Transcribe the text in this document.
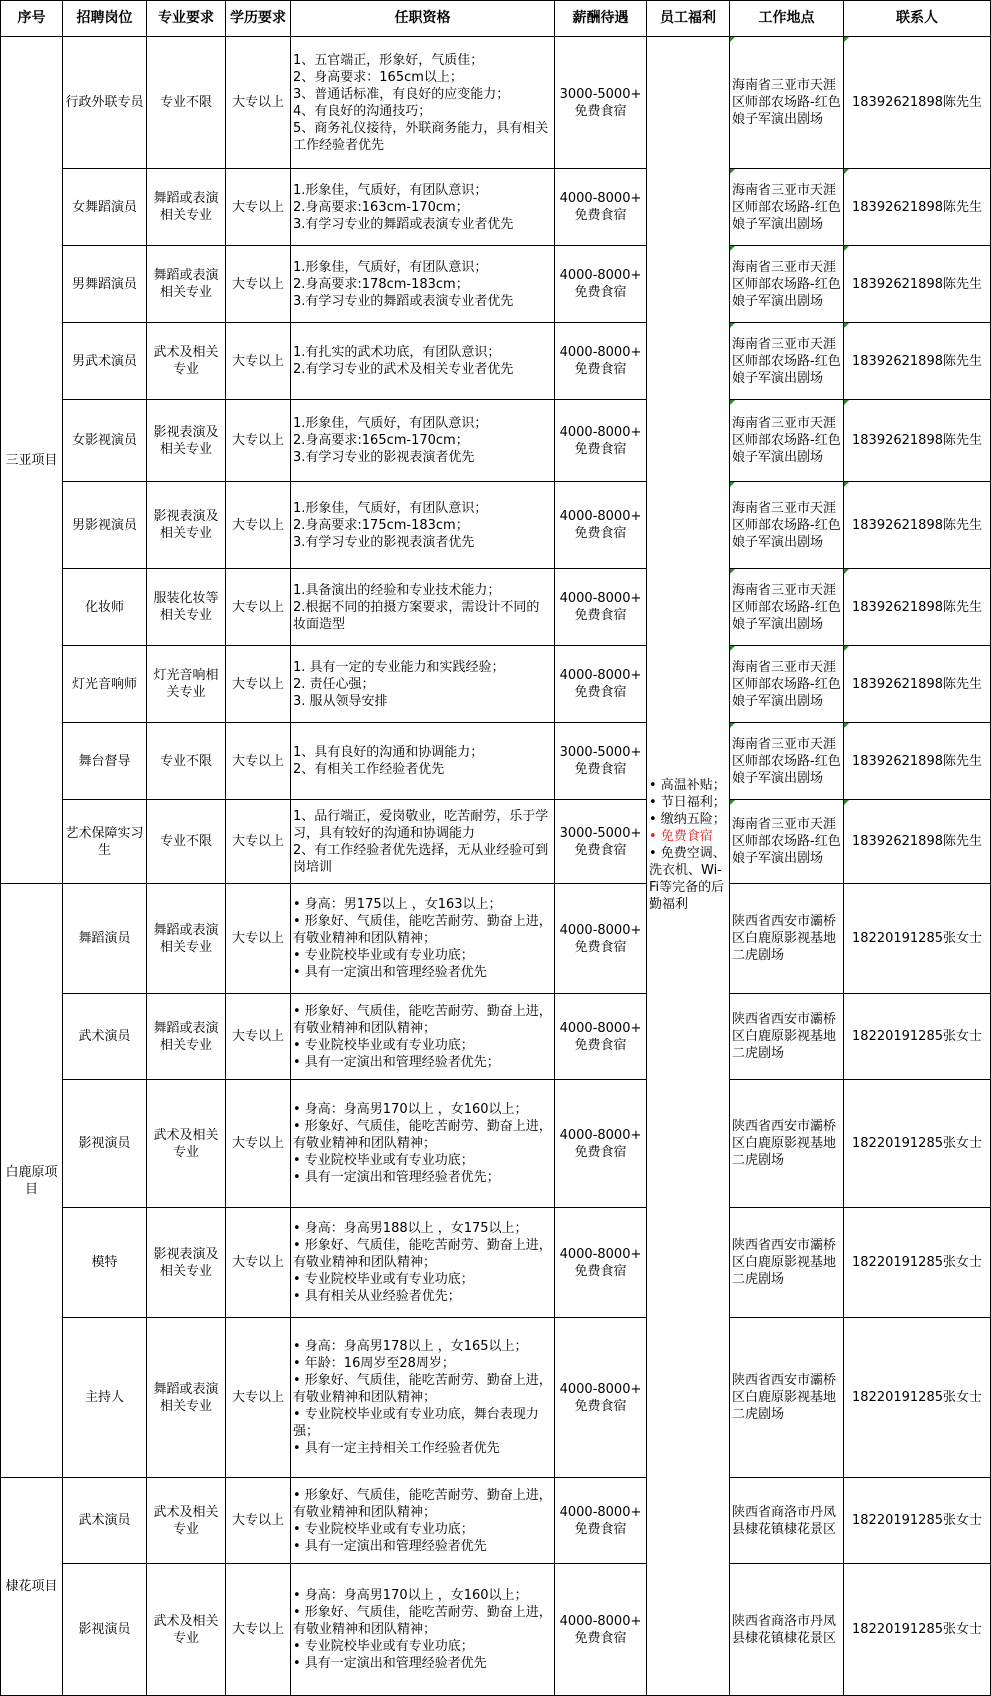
序号	招聘岗位	专业要求	学历要求	任职资格	薪酬待遇	员工福利	工作地点	联系人
三亚项目	行政外联专员	专业不限	大专以上	1、五官端正，形象好，气质佳；
2、身高要求：165cm以上；
3、普通话标准，有良好的应变能力；
4、有良好的沟通技巧；
5、商务礼仪接待，外联商务能力，具有相关工作经验者优先	3000-5000+
免费食宿	• 高温补贴；
• 节日福利；
• 缴纳五险；
• 免费食宿
• 免费空调、洗衣机、Wi-Fi等完备的后勤福利	海南省三亚市天涯区师部农场路-红色娘子军演出剧场	18392621898陈先生
	女舞蹈演员	舞蹈或表演相关专业	大专以上	1.形象佳，气质好，有团队意识；
2.身高要求:163cm-170cm；
3.有学习专业的舞蹈或表演专业者优先	4000-8000+
免费食宿		海南省三亚市天涯区师部农场路-红色娘子军演出剧场	18392621898陈先生
	男舞蹈演员	舞蹈或表演相关专业	大专以上	1.形象佳，气质好，有团队意识；
2.身高要求:178cm-183cm；
3.有学习专业的舞蹈或表演专业者优先	4000-8000+
免费食宿		海南省三亚市天涯区师部农场路-红色娘子军演出剧场	18392621898陈先生
	男武术演员	武术及相关专业	大专以上	1.有扎实的武术功底，有团队意识；
2.有学习专业的武术及相关专业者优先	4000-8000+
免费食宿		海南省三亚市天涯区师部农场路-红色娘子军演出剧场	18392621898陈先生
	女影视演员	影视表演及相关专业	大专以上	1.形象佳，气质好，有团队意识；
2.身高要求:165cm-170cm；
3.有学习专业的影视表演者优先	4000-8000+
免费食宿		海南省三亚市天涯区师部农场路-红色娘子军演出剧场	18392621898陈先生
	男影视演员	影视表演及相关专业	大专以上	1.形象佳，气质好，有团队意识；
2.身高要求:175cm-183cm；
3.有学习专业的影视表演者优先	4000-8000+
免费食宿		海南省三亚市天涯区师部农场路-红色娘子军演出剧场	18392621898陈先生
	化妆师	服装化妆等相关专业	大专以上	1.具备演出的经验和专业技术能力；
2.根据不同的拍摄方案要求，需设计不同的妆面造型	4000-8000+
免费食宿		海南省三亚市天涯区师部农场路-红色娘子军演出剧场	18392621898陈先生
	灯光音响师	灯光音响相关专业	大专以上	1. 具有一定的专业能力和实践经验；
2. 责任心强；
3. 服从领导安排	4000-8000+
免费食宿		海南省三亚市天涯区师部农场路-红色娘子军演出剧场	18392621898陈先生
	舞台督导	专业不限	大专以上	1、具有良好的沟通和协调能力；
2、有相关工作经验者优先	3000-5000+
免费食宿		海南省三亚市天涯区师部农场路-红色娘子军演出剧场	18392621898陈先生
	艺术保障实习生	专业不限	大专以上	1、品行端正，爱岗敬业，吃苦耐劳，乐于学习，具有较好的沟通和协调能力
2、有工作经验者优先选择，无从业经验可到岗培训	3000-5000+
免费食宿		海南省三亚市天涯区师部农场路-红色娘子军演出剧场	18392621898陈先生
白鹿原项目	舞蹈演员	舞蹈或表演相关专业	大专以上	• 身高：男175以上 ，女163以上；
• 形象好、气质佳，能吃苦耐劳、勤奋上进，有敬业精神和团队精神；
• 专业院校毕业或有专业功底；
• 具有一定演出和管理经验者优先	4000-8000+
免费食宿		陕西省西安市灞桥区白鹿原影视基地二虎剧场	18220191285张女士
	武术演员	舞蹈或表演相关专业	大专以上	• 形象好、气质佳，能吃苦耐劳、勤奋上进，有敬业精神和团队精神；
• 专业院校毕业或有专业功底；
• 具有一定演出和管理经验者优先；	4000-8000+
免费食宿		陕西省西安市灞桥区白鹿原影视基地二虎剧场	18220191285张女士
	影视演员	武术及相关专业	大专以上	• 身高：身高男170以上 ，女160以上；
• 形象好、气质佳，能吃苦耐劳、勤奋上进，有敬业精神和团队精神；
• 专业院校毕业或有专业功底；
• 具有一定演出和管理经验者优先；	4000-8000+
免费食宿		陕西省西安市灞桥区白鹿原影视基地二虎剧场	18220191285张女士
	模特	影视表演及相关专业	大专以上	• 身高：身高男188以上 ，女175以上；
• 形象好、气质佳，能吃苦耐劳、勤奋上进，有敬业精神和团队精神；
• 专业院校毕业或有专业功底；
• 具有相关从业经验者优先；	4000-8000+
免费食宿		陕西省西安市灞桥区白鹿原影视基地二虎剧场	18220191285张女士
	主持人	舞蹈或表演相关专业	大专以上	• 身高：身高男178以上 ，女165以上；
• 年龄：16周岁至28周岁；
• 形象好、气质佳，能吃苦耐劳、勤奋上进，有敬业精神和团队精神；
• 专业院校毕业或有专业功底，舞台表现力强；
• 具有一定主持相关工作经验者优先	4000-8000+
免费食宿		陕西省西安市灞桥区白鹿原影视基地二虎剧场	18220191285张女士
棣花项目	武术演员	武术及相关专业	大专以上	• 形象好、气质佳，能吃苦耐劳、勤奋上进，有敬业精神和团队精神；
• 专业院校毕业或有专业功底；
• 具有一定演出和管理经验者优先	4000-8000+
免费食宿		陕西省商洛市丹凤县棣花镇棣花景区	18220191285张女士
	影视演员	武术及相关专业	大专以上	• 身高：身高男170以上 ，女160以上；
• 形象好、气质佳，能吃苦耐劳、勤奋上进，有敬业精神和团队精神；
• 专业院校毕业或有专业功底；
• 具有一定演出和管理经验者优先	4000-8000+
免费食宿		陕西省商洛市丹凤县棣花镇棣花景区	18220191285张女士
